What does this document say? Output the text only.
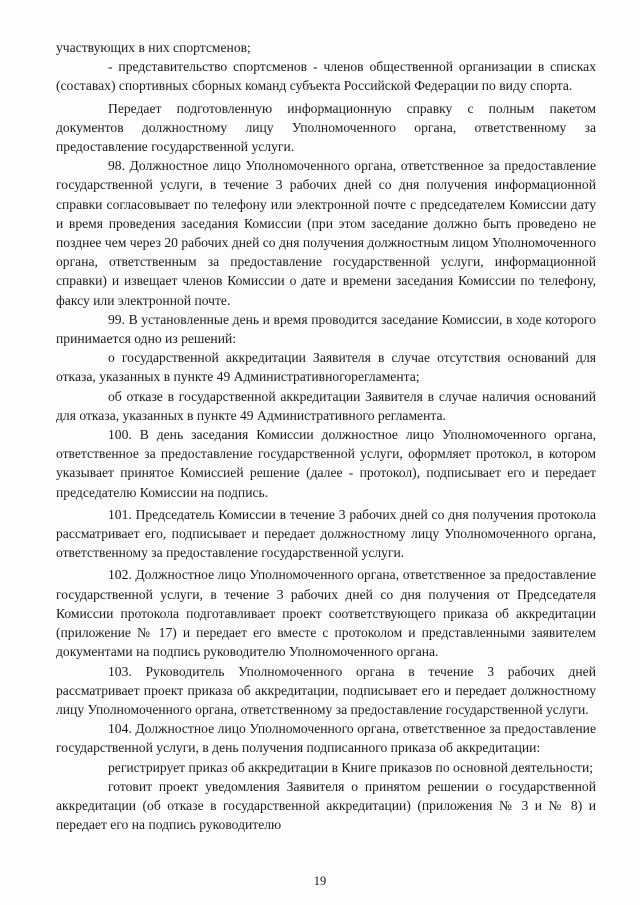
участвующих в них спортсменов;

- представительство спортсменов - членов общественной организации в списках (составах) спортивных сборных команд субъекта Российской Федерации по виду спорта.

Передает подготовленную информационную справку с полным пакетом документов должностному лицу Уполномоченного органа, ответственному за предоставление государственной услуги.

98. Должностное лицо Уполномоченного органа, ответственное за предоставление государственной услуги, в течение 3 рабочих дней со дня получения информационной справки согласовывает по телефону или электронной почте с председателем Комиссии дату и время проведения заседания Комиссии (при этом заседание должно быть проведено не позднее чем через 20 рабочих дней со дня получения должностным лицом Уполномоченного органа, ответственным за предоставление государственной услуги, информационной справки) и извещает членов Комиссии о дате и времени заседания Комиссии по телефону, факсу или электронной почте.

99. В установленные день и время проводится заседание Комиссии, в ходе которого принимается одно из решений:

о государственной аккредитации Заявителя в случае отсутствия оснований для отказа, указанных в пункте 49 Административногорегламента;

об отказе в государственной аккредитации Заявителя в случае наличия оснований для отказа, указанных в пункте 49 Административного регламента.

100. В день заседания Комиссии должностное лицо Уполномоченного органа, ответственное за предоставление государственной услуги, оформляет протокол, в котором указывает принятое Комиссией решение (далее - протокол), подписывает его и передает председателю Комиссии на подпись.

101. Председатель Комиссии в течение 3 рабочих дней со дня получения протокола рассматривает его, подписывает и передает должностному лицу Уполномоченного органа, ответственному за предоставление государственной услуги.

102. Должностное лицо Уполномоченного органа, ответственное за предоставление государственной услуги, в течение 3 рабочих дней со дня получения от Председателя Комиссии протокола подготавливает проект соответствующего приказа об аккредитации (приложение № 17) и передает его вместе с протоколом и представленными заявителем документами на подпись руководителю Уполномоченного органа.

103. Руководитель Уполномоченного органа в течение 3 рабочих дней рассматривает проект приказа об аккредитации, подписывает его и передает должностному лицу Уполномоченного органа, ответственному за предоставление государственной услуги.

104. Должностное лицо Уполномоченного органа, ответственное за предоставление государственной услуги, в день получения подписанного приказа об аккредитации:

регистрирует приказ об аккредитации в Книге приказов по основной деятельности;

готовит проект уведомления Заявителя о принятом решении о государственной аккредитации (об отказе в государственной аккредитации) (приложения № 3 и № 8) и передает его на подпись руководителю

19
